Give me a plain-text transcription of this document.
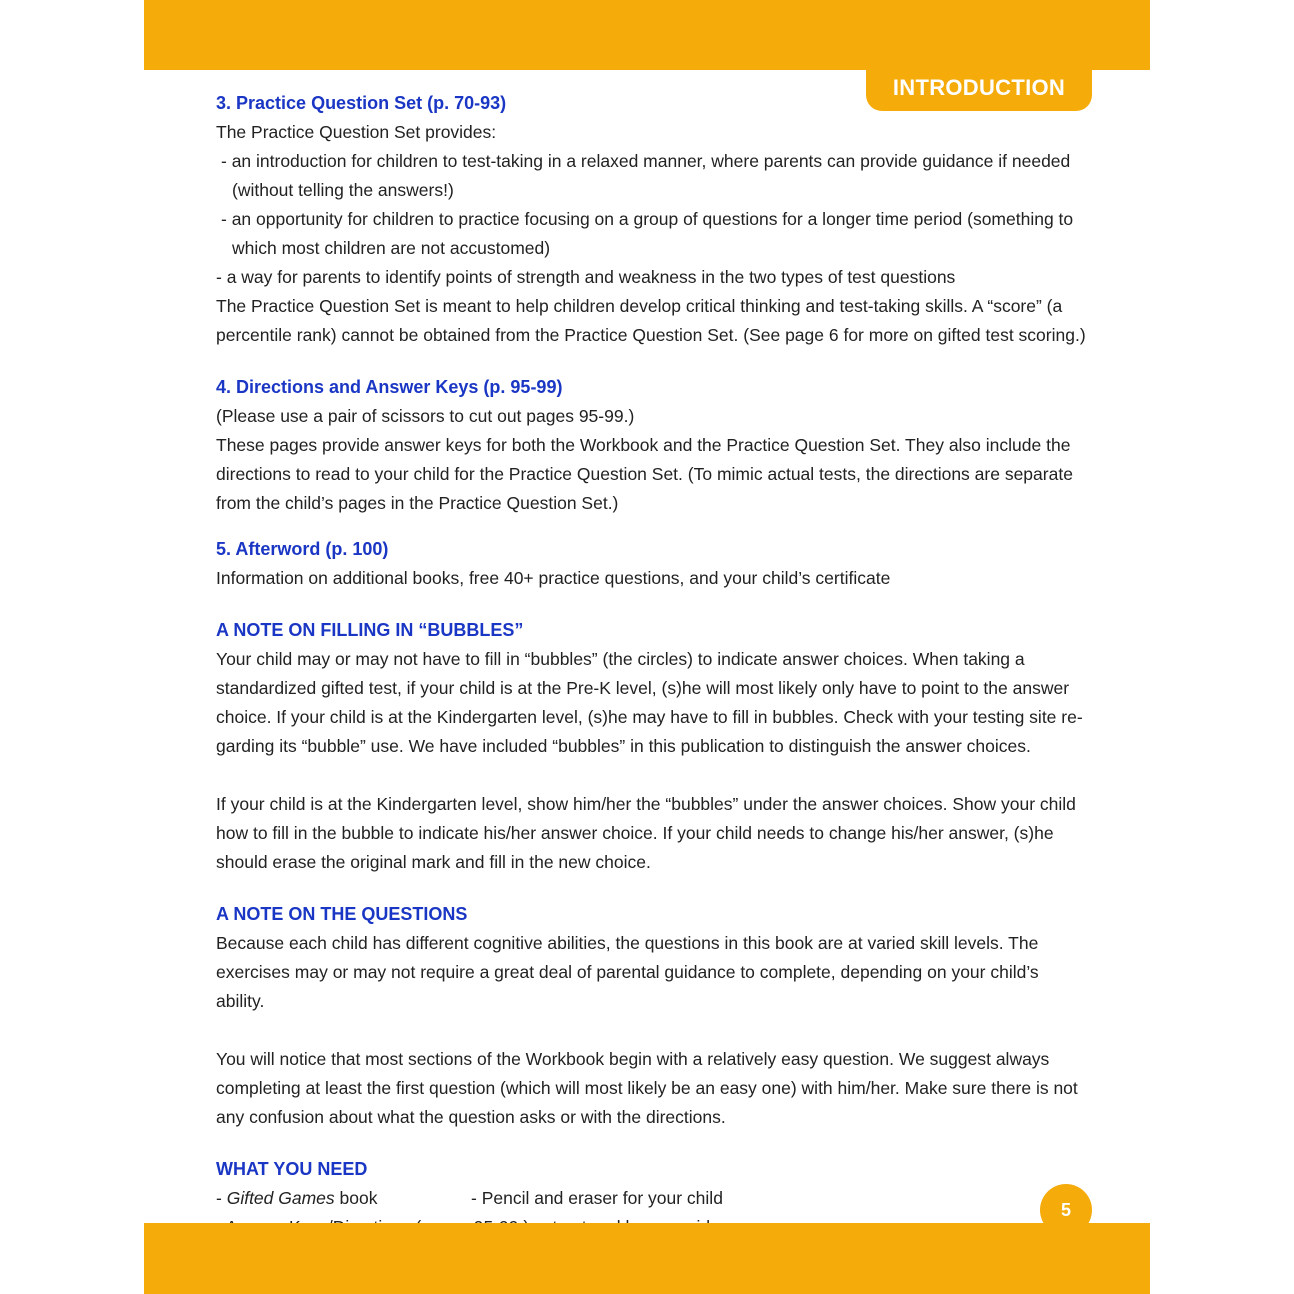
INTRODUCTION

3. Practice Question Set (p. 70-93)

The Practice Question Set provides:

- an introduction for children to test-taking in a relaxed manner, where parents can provide guidance if needed (without telling the answers!)

- an opportunity for children to practice focusing on a group of questions for a longer time period (something to which most children are not accustomed)

- a way for parents to identify points of strength and weakness in the two types of test questions

The Practice Question Set is meant to help children develop critical thinking and test-taking skills. A “score” (a percentile rank) cannot be obtained from the Practice Question Set. (See page 6 for more on gifted test scoring.)

4. Directions and Answer Keys (p. 95-99)

(Please use a pair of scissors to cut out pages 95-99.)

These pages provide answer keys for both the Workbook and the Practice Question Set. They also include the directions to read to your child for the Practice Question Set. (To mimic actual tests, the directions are separate from the child’s pages in the Practice Question Set.)

5. Afterword (p. 100)

Information on additional books, free 40+ practice questions, and your child’s certificate

A NOTE ON FILLING IN “BUBBLES”

Your child may or may not have to fill in “bubbles” (the circles) to indicate answer choices. When taking a standardized gifted test, if your child is at the Pre-K level, (s)he will most likely only have to point to the answer choice. If your child is at the Kindergarten level, (s)he may have to fill in bubbles. Check with your testing site re-garding its “bubble” use. We have included “bubbles” in this publication to distinguish the answer choices.

If your child is at the Kindergarten level, show him/her the “bubbles” under the answer choices. Show your child how to fill in the bubble to indicate his/her answer choice. If your child needs to change his/her answer, (s)he should erase the original mark and fill in the new choice.

A NOTE ON THE QUESTIONS

Because each child has different cognitive abilities, the questions in this book are at varied skill levels. The exercises may or may not require a great deal of parental guidance to complete, depending on your child’s ability.

You will notice that most sections of the Workbook begin with a relatively easy question. We suggest always completing at least the first question (which will most likely be an easy one) with him/her. Make sure there is not any confusion about what the question asks or with the directions.

WHAT YOU NEED

- Gifted Games book	- Pencil and eraser for your child

5
